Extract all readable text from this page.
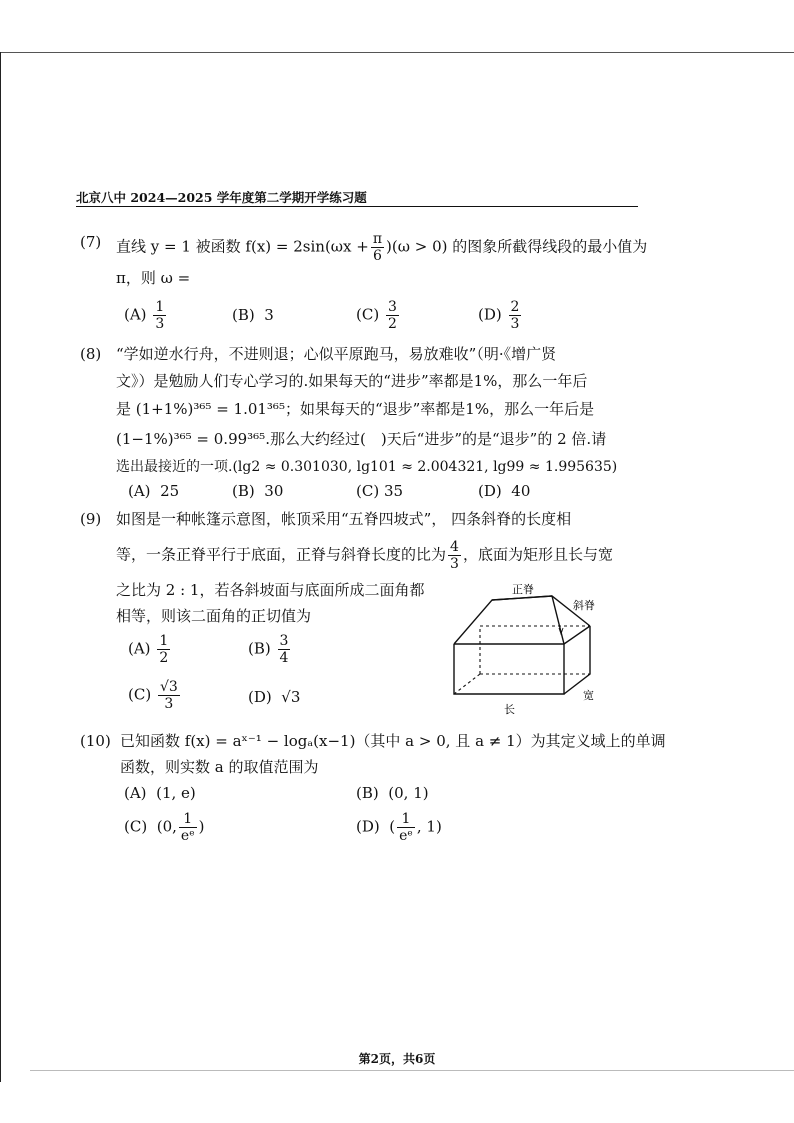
北京八中 2024—2025 学年度第二学期开学练习题
(7) 直线 y = 1 被函数 $f(x) = 2\sin(\omega x + \frac{\pi}{6} )(\omega > 0)$ 的图象所截得线段的最小值为
π，则 ω =
$(A) \frac{1}{3}$	(B) 3	$(C) \frac{3}{2}$	$(D) \frac{2}{3}$
(8) “学如逆水行舟，不进则退；心似平原跑马，易放难收”（明·《增广贤
文》）是勉励人们专心学习的.如果每天的“进步”率都是1%，那么一年后
是 (1+1%)³⁶⁵ = 1.01³⁶⁵；如果每天的“退步”率都是1%，那么一年后是
(1−1%)³⁶⁵ = 0.99³⁶⁵.那么大约经过(　)天后“进步”的是“退步”的 2 倍.请
选出最接近的一项.(lg2 ≈ 0.301030, lg101 ≈ 2.004321, lg99 ≈ 1.995635)
(A) 25	(B) 30	(C) 35	(D) 40
(9) 如图是一种帐篷示意图，帐顶采用“五脊四坡式”， 四条斜脊的长度相
等，一条正脊平行于底面，正脊与斜脊长度的比为 $\frac{4}{3}$ ，底面为矩形且长与宽
之比为 2 : 1，若各斜坡面与底面所成二面角都
相等，则该二面角的正切值为
$(A) \frac{1}{2}$	$(B) \frac{3}{4}$
$(C) \frac{√3}{3}$	(D) √3
正脊
斜脊
宽
长
(10) 已知函数 f(x) = aˣ⁻¹ − logₐ(x−1)（其中 a > 0, 且 a ≠ 1）为其定义域上的单调
函数，则实数 a 的取值范围为
(A) (1, e)	(B) (0, 1)
(C) (0, $\frac{1}{\text{eᵉ}}$ )	(D) ( $\frac{1}{\text{eᵉ}}$ , 1)
第2页，共6页
